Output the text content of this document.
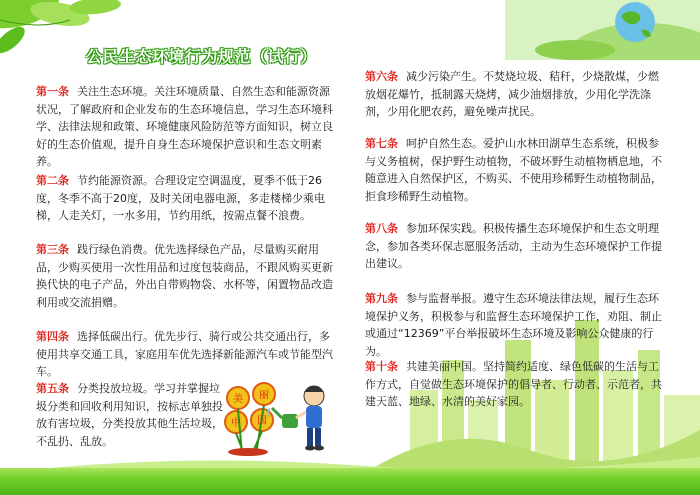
公民生态环境行为规范（试行）
第一条 关注生态环境。关注环境质量、自然生态和能源资源状况，了解政府和企业发布的生态环境信息，学习生态环境科学、法律法规和政策、环境健康风险防范等方面知识，树立良好的生态价值观，提升自身生态环境保护意识和生态文明素养。
第二条 节约能源资源。合理设定空调温度，夏季不低于26度，冬季不高于20度，及时关闭电器电源，多走楼梯少乘电梯，人走关灯，一水多用，节约用纸，按需点餐不浪费。
第三条 践行绿色消费。优先选择绿色产品，尽量购买耐用品，少购买使用一次性用品和过度包装商品，不跟风购买更新换代快的电子产品，外出自带购物袋、水杯等，闲置物品改造利用或交流捐赠。
第四条 选择低碳出行。优先步行、骑行或公共交通出行，多使用共享交通工具，家庭用车优先选择新能源汽车或节能型汽车。
第五条 分类投放垃圾。学习并掌握垃圾分类和回收利用知识，按标志单独投放有害垃圾，分类投放其他生活垃圾，不乱扔、乱放。
第六条 减少污染产生。不焚烧垃圾、秸秆，少烧散煤，少燃放烟花爆竹，抵制露天烧烤，减少油烟排放，少用化学洗涤剂，少用化肥农药，避免噪声扰民。
第七条 呵护自然生态。爱护山水林田湖草生态系统，积极参与义务植树，保护野生动植物，不破坏野生动植物栖息地，不随意进入自然保护区，不购买、不使用珍稀野生动植物制品，拒食珍稀野生动植物。
第八条 参加环保实践。积极传播生态环境保护和生态文明理念，参加各类环保志愿服务活动，主动为生态环境保护工作提出建议。
第九条 参与监督举报。遵守生态环境法律法规，履行生态环境保护义务，积极参与和监督生态环境保护工作，劝阻、制止或通过“12369”平台举报破坏生态环境及影响公众健康的行为。
第十条 共建美丽中国。坚持简约适度、绿色低碳的生活与工作方式，自觉做生态环境保护的倡导者、行动者、示范者，共建天蓝、地绿、水清的美好家园。
美 丽
中 国
